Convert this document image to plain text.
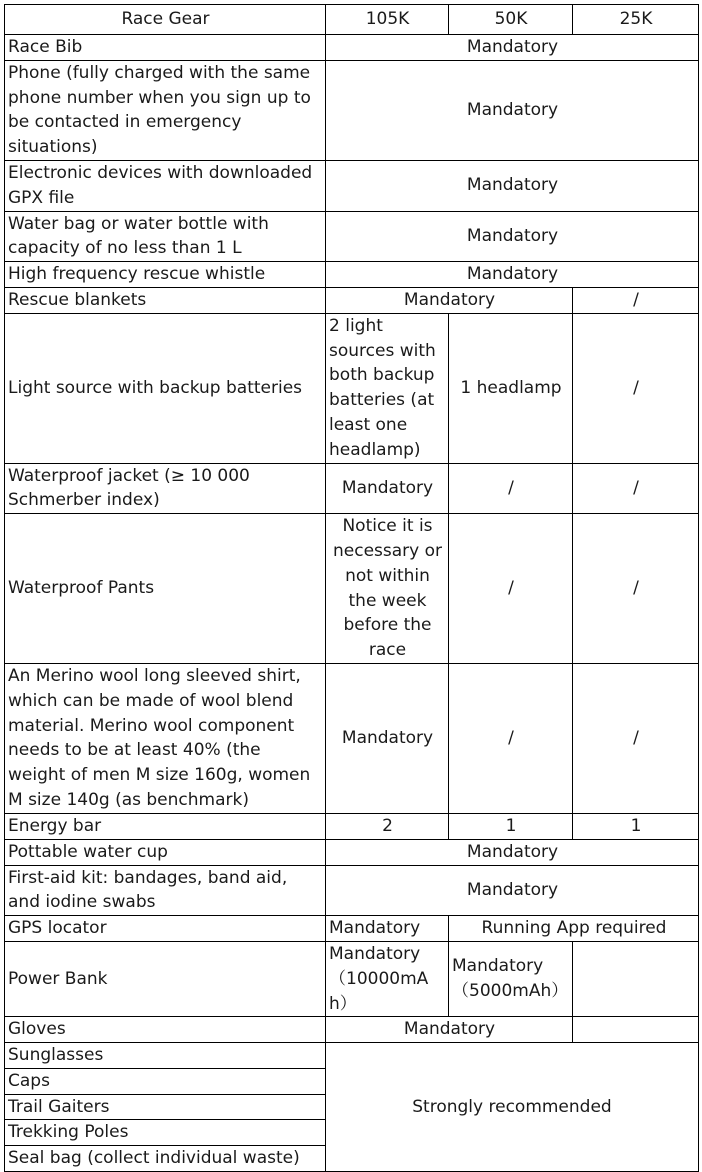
Race Gear	105K	50K	25K
Race Bib	Mandatory		
Phone (fully charged with the same phone number when you sign up to be contacted in emergency situations)	Mandatory		
Electronic devices with downloaded GPX file	Mandatory		
Water bag or water bottle with capacity of no less than 1 L	Mandatory		
High frequency rescue whistle	Mandatory		
Rescue blankets	Mandatory		/
Light source with backup batteries	2 light sources with both backup batteries (at least one headlamp)	1 headlamp	/
Waterproof jacket (≥ 10 000 Schmerber index)	Mandatory	/	/
Waterproof Pants	Notice it is necessary or not within the week before the race	/	/
An Merino wool long sleeved shirt, which can be made of wool blend material. Merino wool component needs to be at least 40% (the weight of men M size 160g, women M size 140g (as benchmark)	Mandatory	/	/
Energy bar	2	1	1
Pottable water cup	Mandatory		
First-aid kit: bandages, band aid, and iodine swabs	Mandatory		
GPS locator	Mandatory	Running App required	
Power Bank	Mandatory （10000mAh）	Mandatory （5000mAh）	
Gloves	Mandatory		
Sunglasses	Strongly recommended		
Caps			
Trail Gaiters			
Trekking Poles			
Seal bag (collect individual waste)			
